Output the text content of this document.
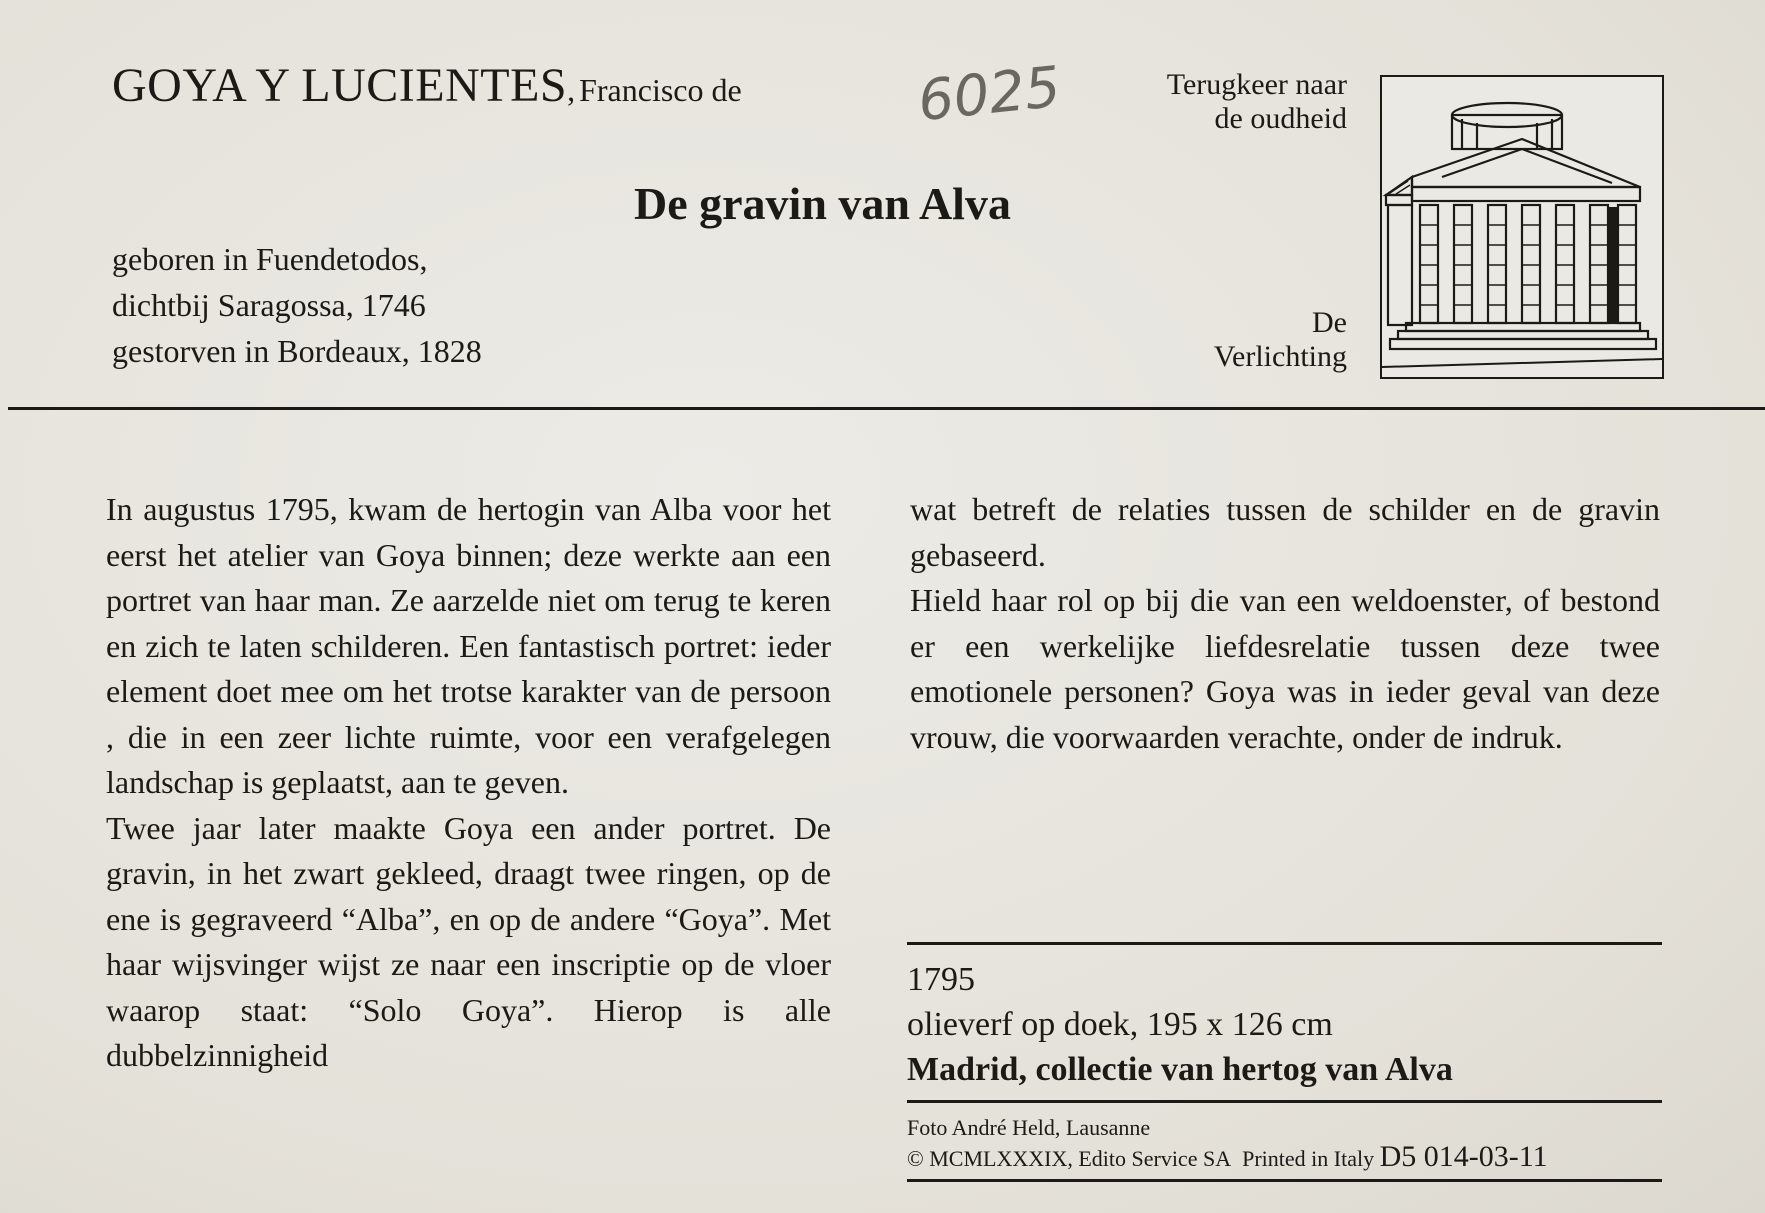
GOYA Y LUCIENTES, Francisco de	6025	Terugkeer naar
de oudheid
De gravin van Alva
geboren in Fuendetodos,
dichtbij Saragossa, 1746
gestorven in Bordeaux, 1828
De
Verlichting

In augustus 1795, kwam de hertogin van Alba voor het eerst het atelier van Goya binnen; deze werkte aan een portret van haar man. Ze aarzelde niet om terug te keren en zich te laten schilderen. Een fantastisch portret: ieder element doet mee om het trotse karakter van de persoon , die in een zeer lichte ruimte, voor een verafgelegen landschap is geplaatst, aan te geven.

Twee jaar later maakte Goya een ander portret. De gravin, in het zwart gekleed, draagt twee ringen, op de ene is gegraveerd “Alba”, en op de andere “Goya”. Met haar wijsvinger wijst ze naar een inscriptie op de vloer waarop staat: “Solo Goya”. Hierop is alle dubbelzinnigheid

wat betreft de relaties tussen de schilder en de gravin gebaseerd.

Hield haar rol op bij die van een weldoenster, of bestond er een werkelijke liefdesrelatie tussen deze twee emotionele personen? Goya was in ieder geval van deze vrouw, die voorwaarden verachte, onder de indruk.

1795
olieverf op doek, 195 x 126 cm
Madrid, collectie van hertog van Alva
Foto André Held, Lausanne
© MCMLXXXIX, Edito Service SA Printed in Italy D5 014-03-11
